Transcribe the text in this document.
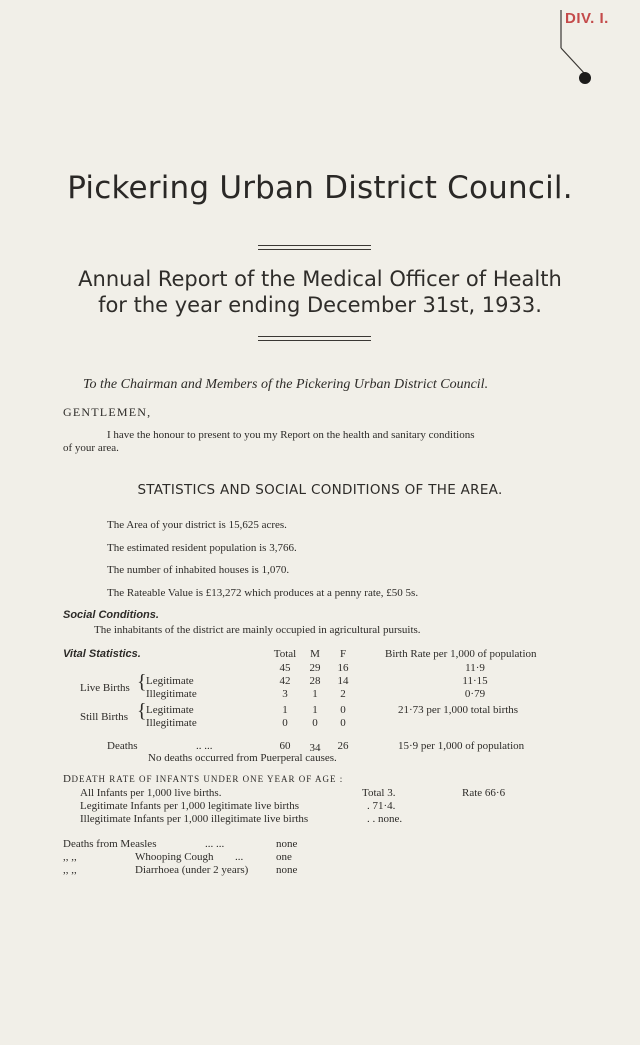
DIV. I.
Pickering Urban District Council.
Annual Report of the Medical Officer of Health
for the year ending December 31st, 1933.
To the Chairman and Members of the Pickering Urban District Council.
GENTLEMEN,
I have the honour to present to you my Report on the health and sanitary conditions
of your area.
STATISTICS AND SOCIAL CONDITIONS OF THE AREA.
The Area of your district is 15,625 acres.
The estimated resident population is 3,766.
The number of inhabited houses is 1,070.
The Rateable Value is £13,272 which produces at a penny rate, £50 5s.
Social Conditions.
The inhabitants of the district are mainly occupied in agricultural pursuits.
Vital Statistics.	Total	M	F	Birth Rate per 1,000 of population
45	29	16	11·9
Live Births { Legitimate	42	28	14	11·15
Illegitimate	3	1	2	0·79
Still Births { Legitimate	1	1	0	21·73 per 1,000 total births
Illegitimate	0	0	0
Deaths	.. ...	60	34	26	15·9 per 1,000 of population
No deaths occurred from Puerperal causes.
DDEATH RATE OF INFANTS UNDER ONE YEAR OF AGE :
All Infants per 1,000 live births.	Total 3.	Rate 66·6
Legitimate Infants per 1,000 legitimate live births	. 71·4.
Illegitimate Infants per 1,000 illegitimate live births	. . none.
Deaths from Measles	... ...	none
,, ,,	Whooping Cough ...	one
,, ,,	Diarrhoea (under 2 years)	none
